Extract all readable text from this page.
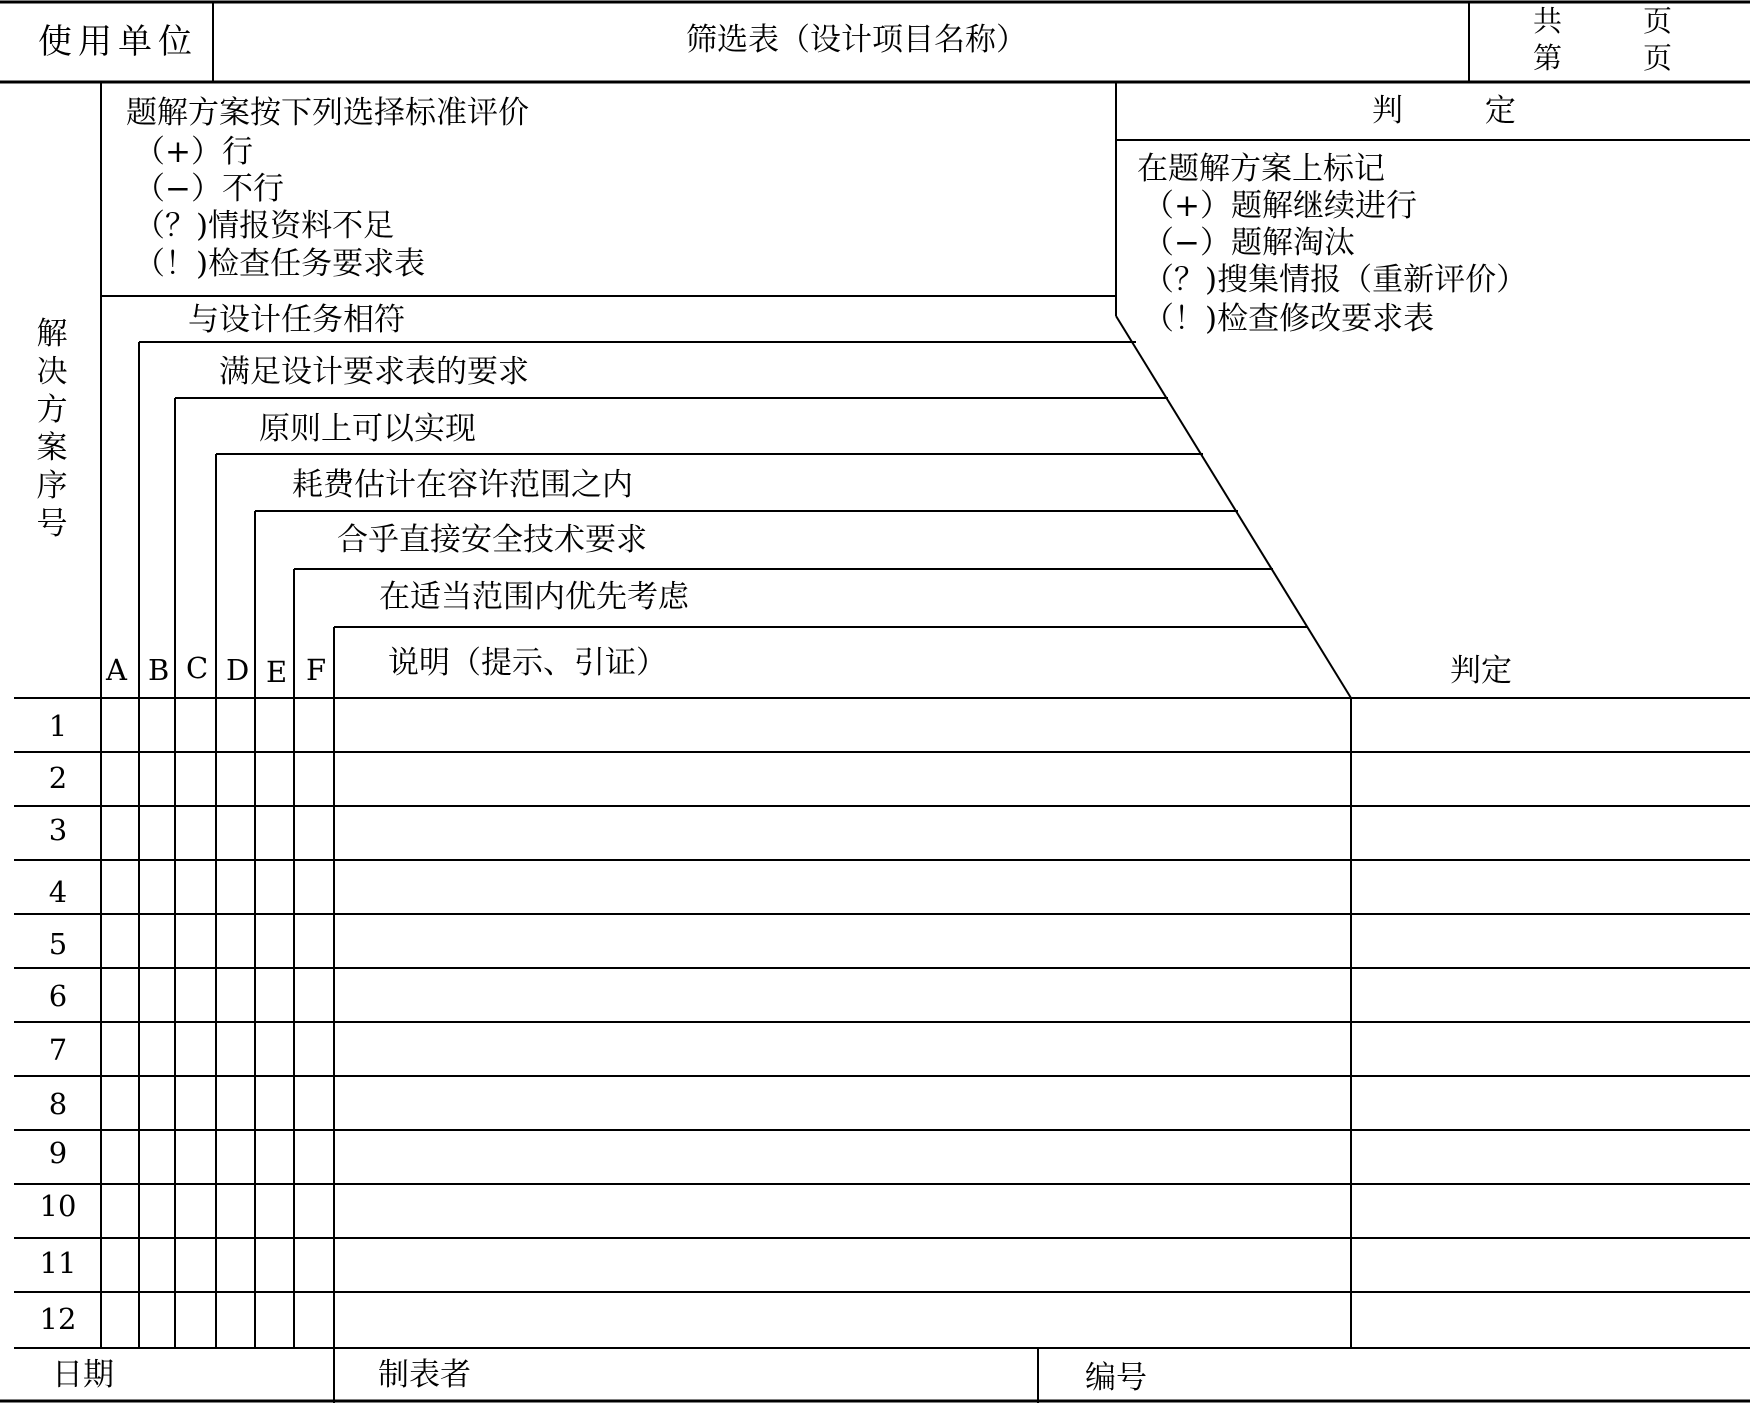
使用单位	筛选表（设计项目名称）
共	页
第	页
题解方案按下列选择标准评价
（+）行
（−）不行
（？)情报资料不足
（！)检查任务要求表
判 定
在题解方案上标记
（+）题解继续进行
（−）题解淘汰
（？)搜集情报（重新评价）
（！)检查修改要求表
解决方案序号
与设计任务相符
满足设计要求表的要求
原则上可以实现
耗费估计在容许范围之内
合乎直接安全技术要求
在适当范围内优先考虑
A B C D E F 说明（提示、引证）	判定
1
2
3
4
5
6
7
8
9
10
11
12
日期	制表者	编号
